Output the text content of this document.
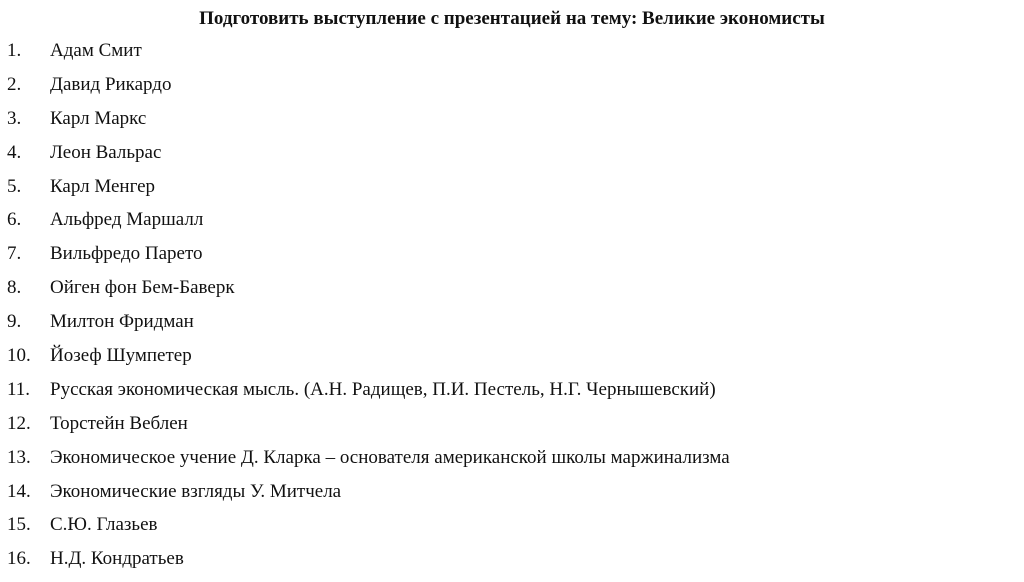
Подготовить выступление с презентацией на тему: Великие экономисты
1. Адам Смит
2. Давид Рикардо
3. Карл Маркс
4. Леон Вальрас
5. Карл Менгер
6. Альфред Маршалл
7. Вильфредо Парето
8. Ойген фон Бем-Баверк
9. Милтон Фридман
10. Йозеф Шумпетер
11. Русская экономическая мысль. (А.Н. Радищев, П.И. Пестель, Н.Г. Чернышевский)
12. Торстейн Веблен
13. Экономическое учение Д. Кларка – основателя американской школы маржинализма
14. Экономические взгляды У. Митчела
15. С.Ю. Глазьев
16. Н.Д. Кондратьев
